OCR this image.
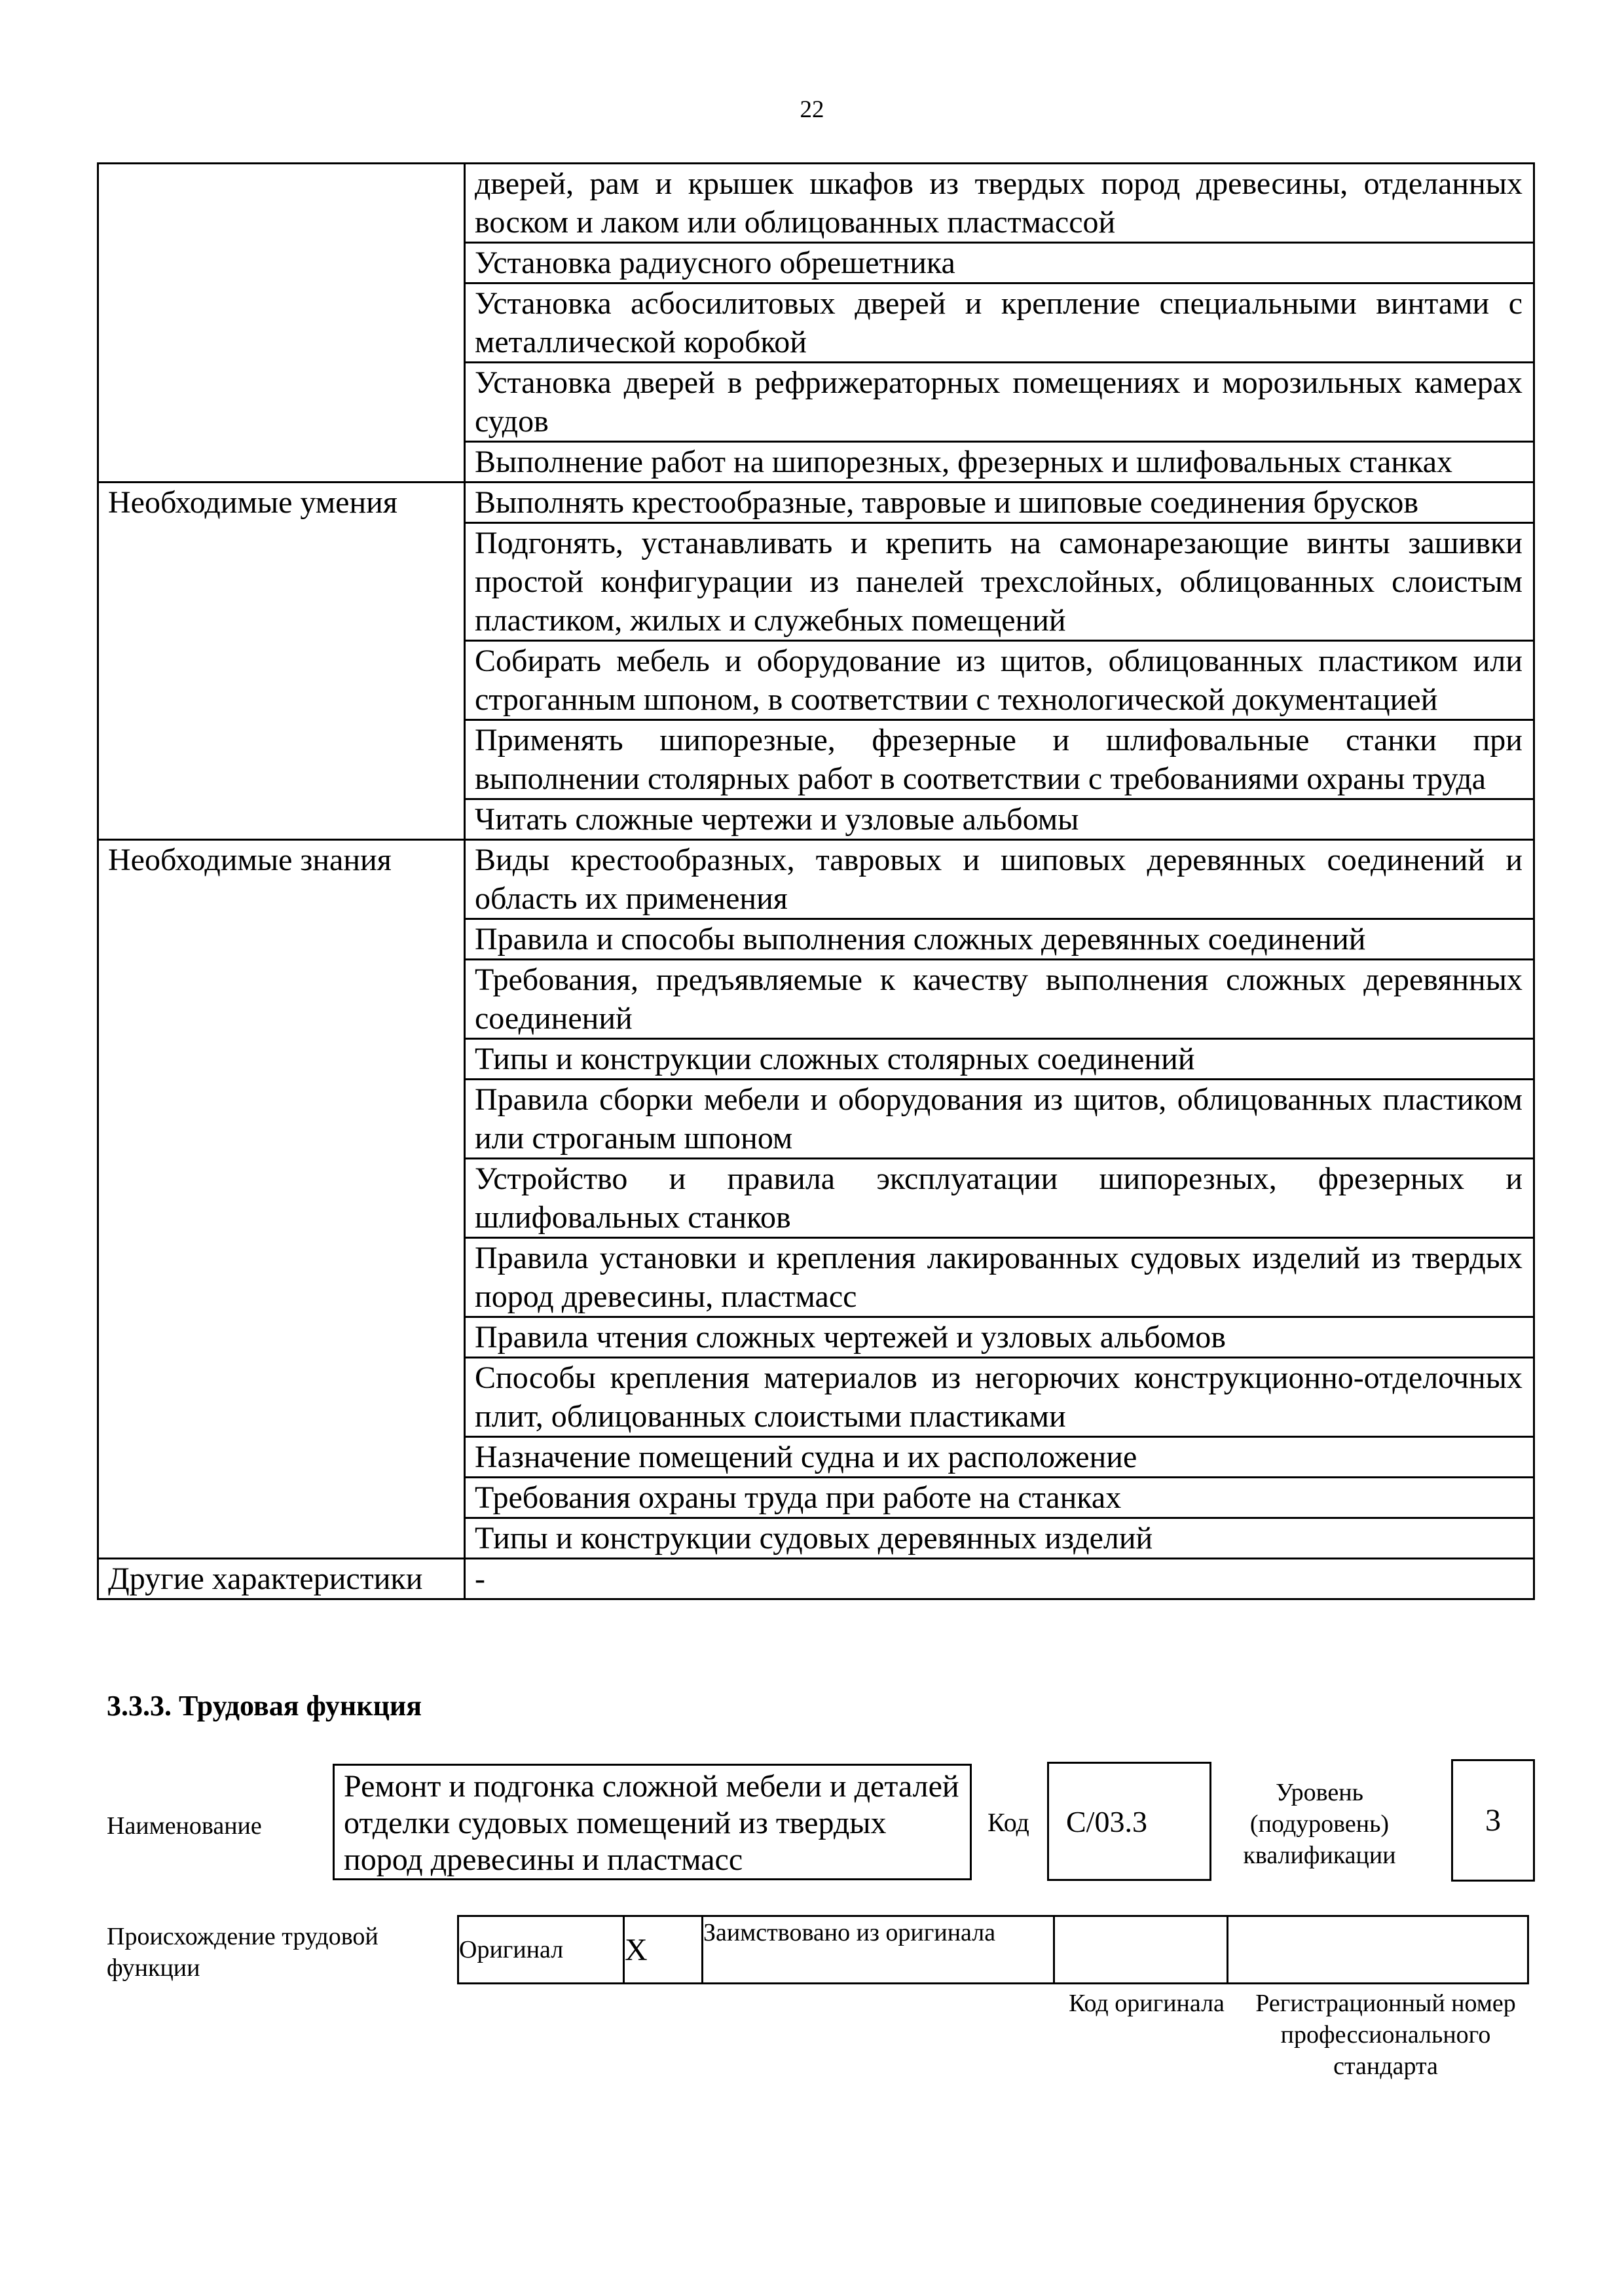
22
	дверей, рам и крышек шкафов из твердых пород древесины, отделанных воском и лаком или облицованных пластмассой
	Установка радиусного обрешетника
	Установка асбосилитовых дверей и крепление специальными винтами с металлической коробкой
	Установка дверей в рефрижераторных помещениях и морозильных камерах судов
	Выполнение работ на шипорезных, фрезерных и шлифовальных станках
Необходимые умения	Выполнять крестообразные, тавровые и шиповые соединения брусков
	Подгонять, устанавливать и крепить на самонарезающие винты зашивки простой конфигурации из панелей трехслойных, облицованных слоистым пластиком, жилых и служебных помещений
	Собирать мебель и оборудование из щитов, облицованных пластиком или строганным шпоном, в соответствии с технологической документацией
	Применять шипорезные, фрезерные и шлифовальные станки при выполнении столярных работ в соответствии с требованиями охраны труда
	Читать сложные чертежи и узловые альбомы
Необходимые знания	Виды крестообразных, тавровых и шиповых деревянных соединений и область их применения
	Правила и способы выполнения сложных деревянных соединений
	Требования, предъявляемые к качеству выполнения сложных деревянных соединений
	Типы и конструкции сложных столярных соединений
	Правила сборки мебели и оборудования из щитов, облицованных пластиком или строганым шпоном
	Устройство и правила эксплуатации шипорезных, фрезерных и шлифовальных станков
	Правила установки и крепления лакированных судовых изделий из твердых пород древесины, пластмасс
	Правила чтения сложных чертежей и узловых альбомов
	Способы крепления материалов из негорючих конструкционно-отделочных плит, облицованных слоистыми пластиками
	Назначение помещений судна и их расположение
	Требования охраны труда при работе на станках
	Типы и конструкции судовых деревянных изделий
Другие характеристики	-
3.3.3. Трудовая функция
Наименование
Ремонт и подгонка сложной мебели и деталей отделки судовых помещений из твердых пород древесины и пластмасс
Код	С/03.3
Уровень (подуровень) квалификации
3
Происхождение трудовой функции
Оригинал	X	Заимствовано из оригинала		
Код оригинала	Регистрационный номер профессионального стандарта
